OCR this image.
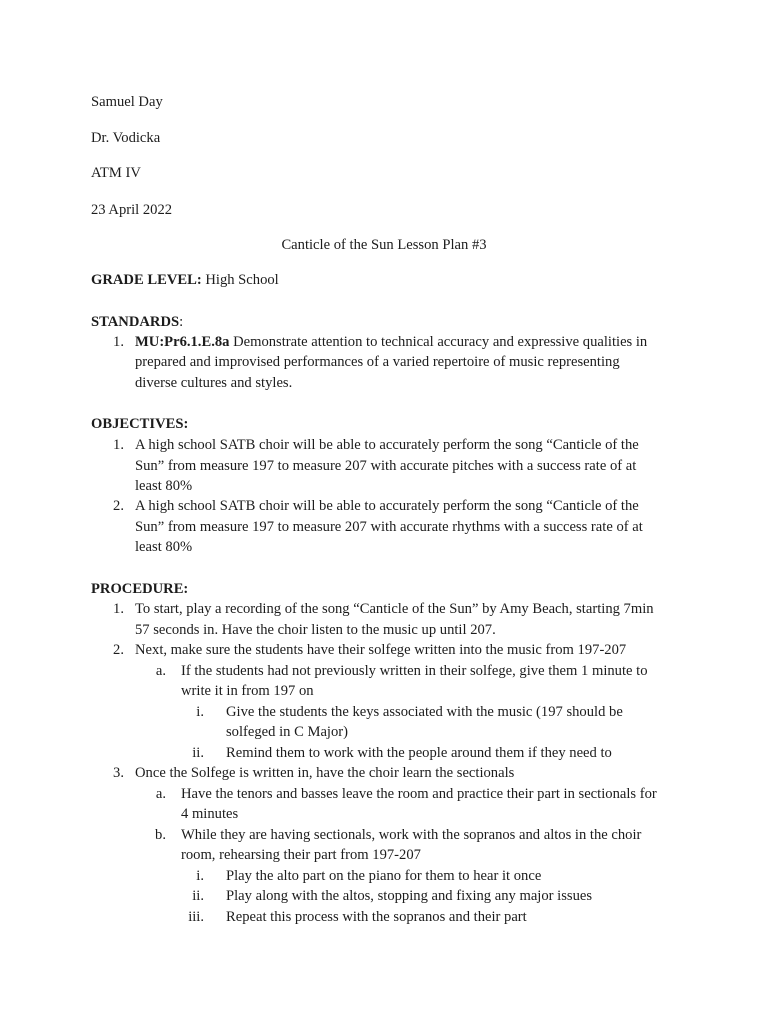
Samuel Day
Dr. Vodicka
ATM IV
23 April 2022
Canticle of the Sun Lesson Plan #3
GRADE LEVEL: High School
STANDARDS:
1. MU:Pr6.1.E.8a Demonstrate attention to technical accuracy and expressive qualities in
prepared and improvised performances of a varied repertoire of music representing
diverse cultures and styles.
OBJECTIVES:
1. A high school SATB choir will be able to accurately perform the song “Canticle of the
Sun” from measure 197 to measure 207 with accurate pitches with a success rate of at
least 80%
2. A high school SATB choir will be able to accurately perform the song “Canticle of the
Sun” from measure 197 to measure 207 with accurate rhythms with a success rate of at
least 80%
PROCEDURE:
1. To start, play a recording of the song “Canticle of the Sun” by Amy Beach, starting 7min
57 seconds in. Have the choir listen to the music up until 207.
2. Next, make sure the students have their solfege written into the music from 197-207
a. If the students had not previously written in their solfege, give them 1 minute to
write it in from 197 on
i. Give the students the keys associated with the music (197 should be
solfeged in C Major)
ii. Remind them to work with the people around them if they need to
3. Once the Solfege is written in, have the choir learn the sectionals
a. Have the tenors and basses leave the room and practice their part in sectionals for
4 minutes
b. While they are having sectionals, work with the sopranos and altos in the choir
room, rehearsing their part from 197-207
i. Play the alto part on the piano for them to hear it once
ii. Play along with the altos, stopping and fixing any major issues
iii. Repeat this process with the sopranos and their part
